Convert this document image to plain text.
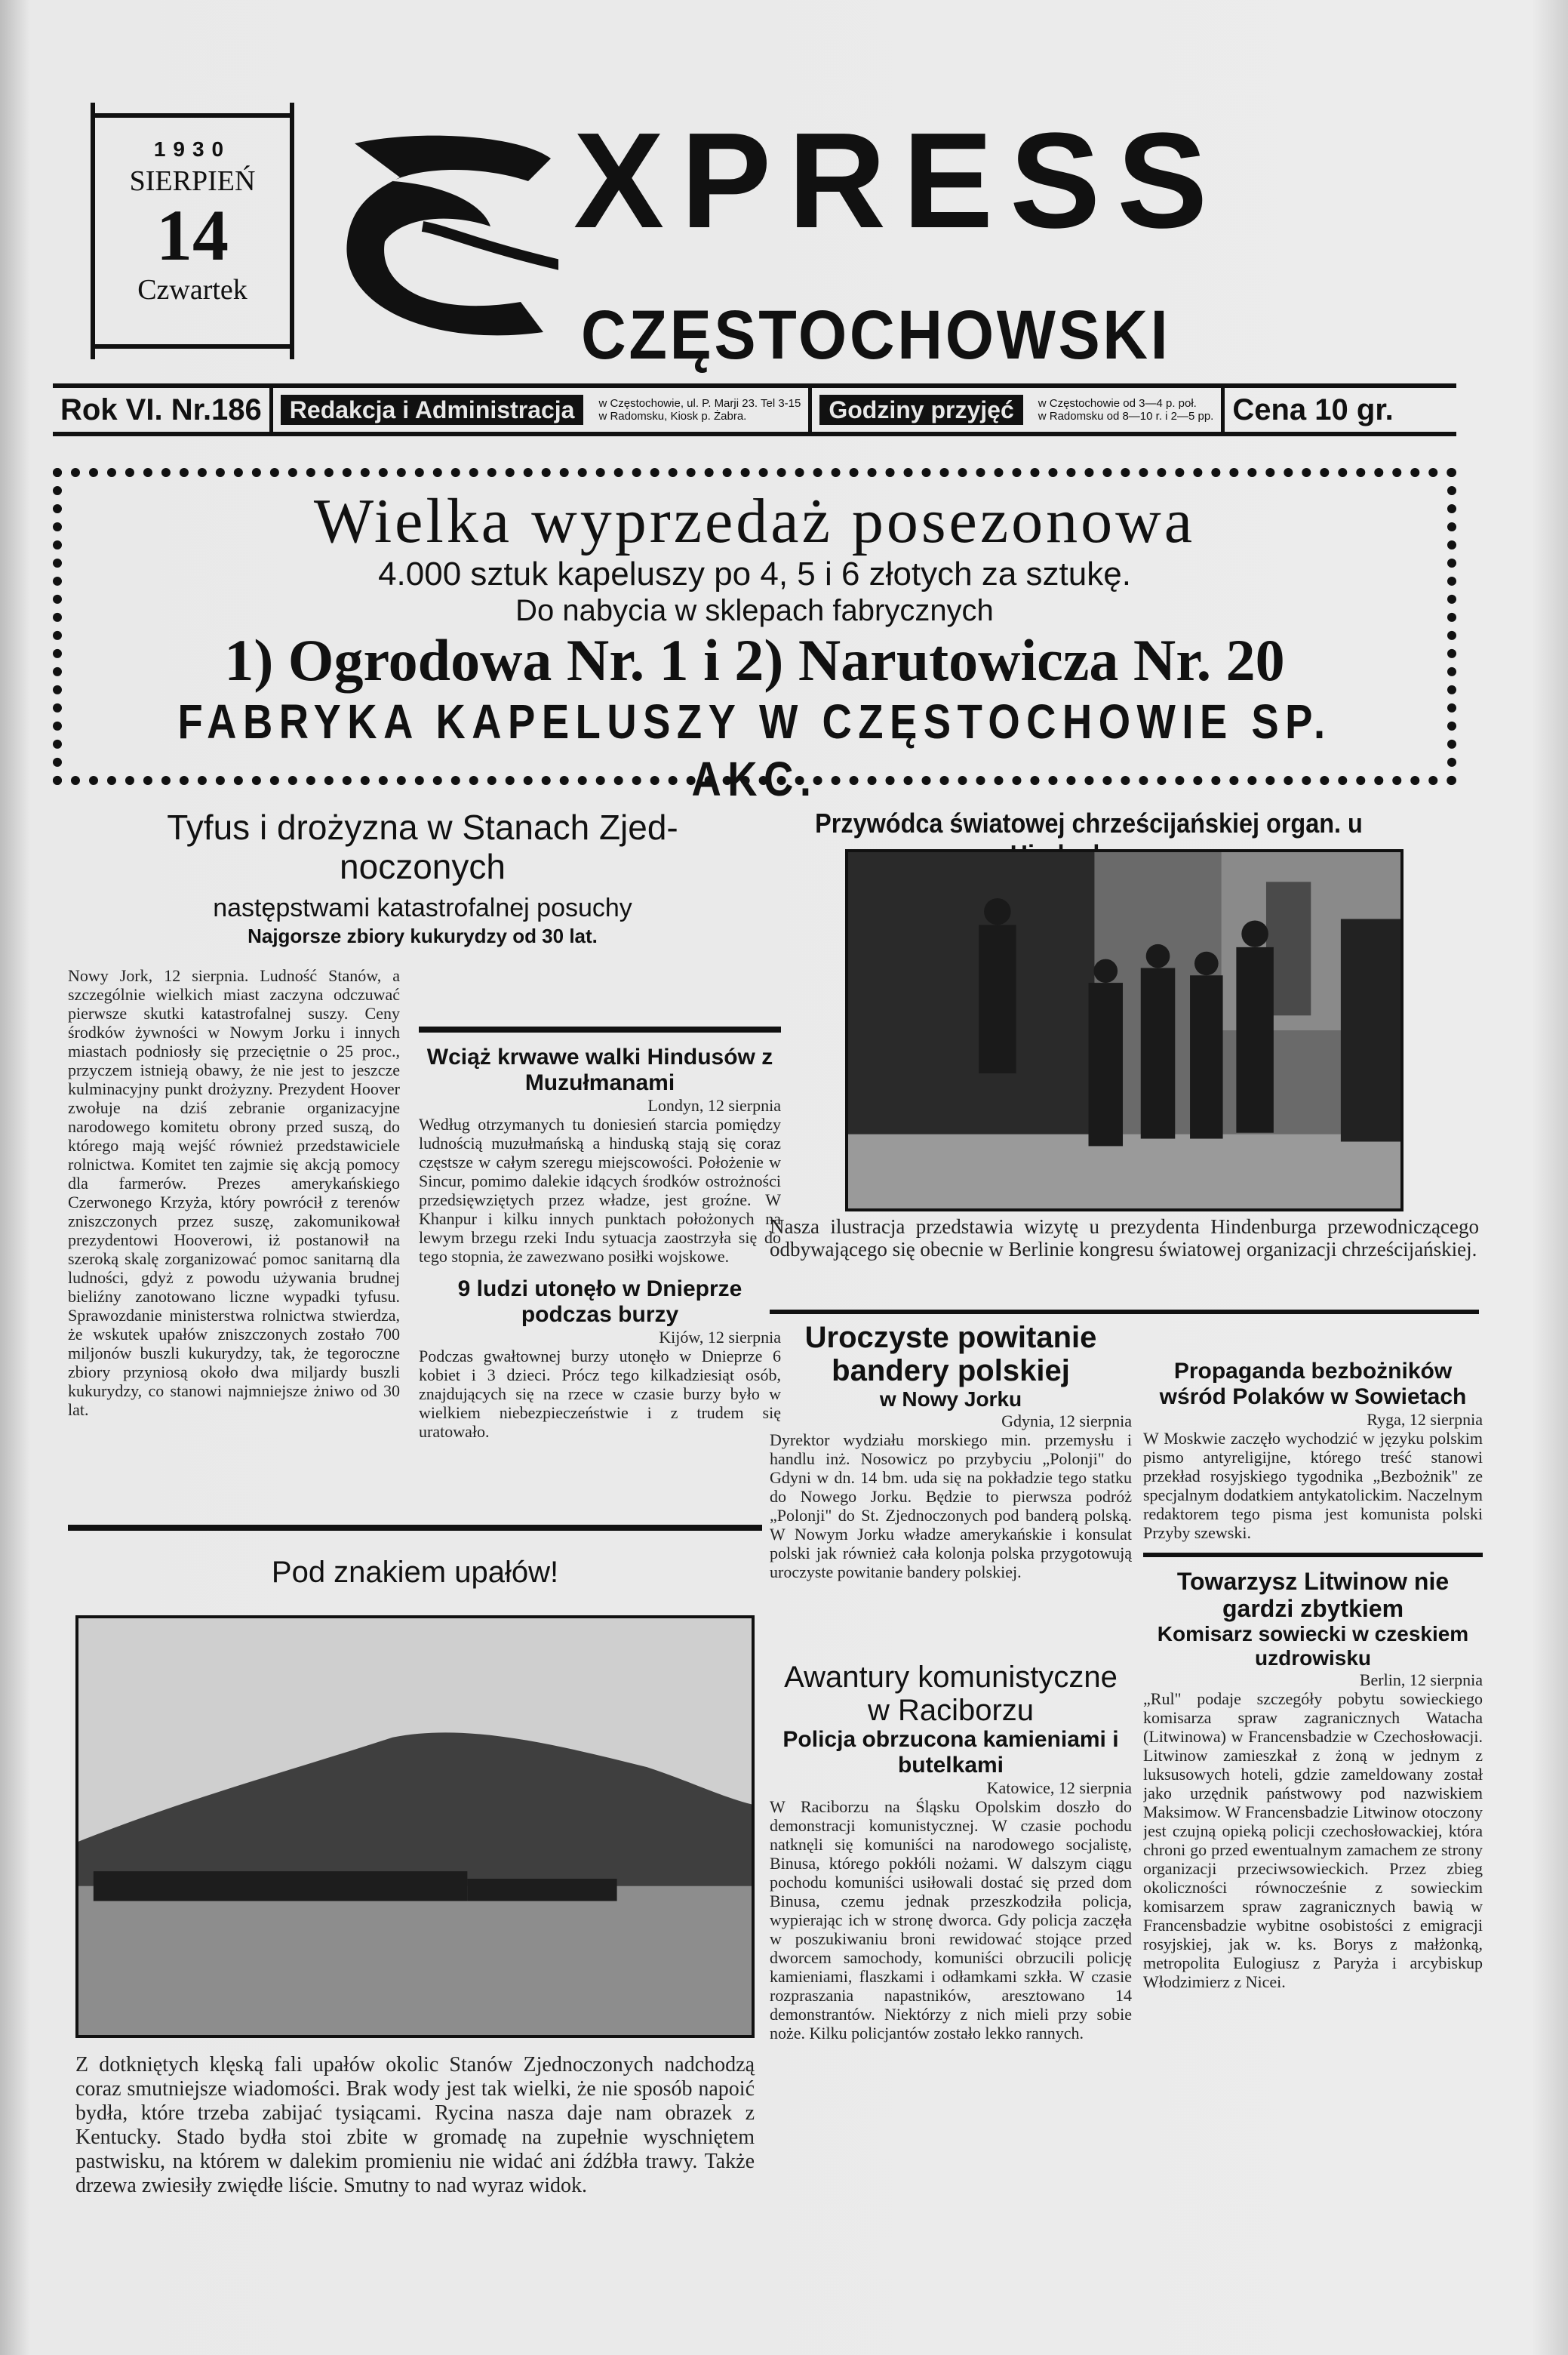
1930
SIERPIEŃ
14
Czwartek
XPRESS
CZĘSTOCHOWSKI
Rok VI. Nr.186	Redakcja i Administracja	w Częstochowie, ul. P. Marji 23. Tel 3-15
w Radomsku, Kiosk p. Żabra.	Godziny przyjęć	w Częstochowie od 3—4 p. poł.
w Radomsku od 8—10 r. i 2—5 pp. Cena 10 gr.
Wielka wyprzedaż posezonowa
4.000 sztuk kapeluszy po 4, 5 i 6 złotych za sztukę.
Do nabycia w sklepach fabrycznych
1) Ogrodowa Nr. 1 i 2) Narutowicza Nr. 20
FABRYKA KAPELUSZY W CZĘSTOCHOWIE SP. AKC.
Tyfus i drożyzna w Stanach Zjed-
noczonych
następstwami katastrofalnej posuchy
Najgorsze zbiory kukurydzy od 30 lat.
Nowy Jork, 12 sierpnia. Ludność Stanów, a szczególnie wielkich miast zaczyna odczuwać pierwsze skutki katastrofalnej suszy. Ceny środków żywności w Nowym Jorku i innych miastach podniosły się przeciętnie o 25 proc., przyczem istnieją obawy, że nie jest to jeszcze kulminacyjny punkt drożyzny. Prezydent Hoover zwołuje na dziś zebranie organizacyjne narodowego komitetu obrony przed suszą, do którego mają wejść również przedstawiciele rolnictwa. Komitet ten zajmie się akcją pomocy dla farmerów. Prezes amerykańskiego Czerwonego Krzyża, który powrócił z terenów zniszczonych przez suszę, zakomunikował prezydentowi Hooverowi, iż postanowił na szeroką skalę zorganizować pomoc sanitarną dla ludności, gdyż z powodu używania brudnej bieliźny zanotowano liczne wypadki tyfusu. Sprawozdanie ministerstwa rolnictwa stwierdza, że wskutek upałów zniszczonych zostało 700 miljonów buszli kukurydzy, tak, że tegoroczne zbiory przyniosą około dwa miljardy buszli kukurydzy, co stanowi najmniejsze żniwo od 30 lat.
Wciąż krwawe walki Hindusów z Muzułmanami
Londyn, 12 sierpnia
Według otrzymanych tu doniesień starcia pomiędzy ludnością muzułmańską a hinduską stają się coraz częstsze w całym szeregu miejscowości. Położenie w Sincur, pomimo dalekie idących środków ostrożności przedsięwziętych przez władze, jest groźne. W Khanpur i kilku innych punktach położonych na lewym brzegu rzeki Indu sytuacja zaostrzyła się do tego stopnia, że zawezwano posiłki wojskowe.
9 ludzi utonęło w Dnieprze podczas burzy
Kijów, 12 sierpnia
Podczas gwałtownej burzy utonęło w Dnieprze 6 kobiet i 3 dzieci. Prócz tego kilkadziesiąt osób, znajdujących się na rzece w czasie burzy było w wielkiem niebezpieczeństwie i z trudem się uratowało.
Przywódca światowej chrześcijańskiej organ. u
Nasza ilustracja przedstawia wizytę u prezydenta Hindenburga przewodniczącego odbywającego się obecnie w Berlinie kongresu światowej organizacji chrześcijańskiej.
Uroczyste powitanie bandery polskiej
w Nowy Jorku
Gdynia, 12 sierpnia
Dyrektor wydziału morskiego min. przemysłu i handlu inż. Nosowicz po przybyciu „Polonji" do Gdyni w dn. 14 bm. uda się na pokładzie tego statku do Nowego Jorku. Będzie to pierwsza podróż „Polonji" do St. Zjednoczonych pod banderą polską. W Nowym Jorku władze amerykańskie i konsulat polski jak również cała kolonja polska przygotowują uroczyste powitanie bandery polskiej.
Awantury komunistyczne w Raciborzu
Policja obrzucona kamieniami i butelkami
Katowice, 12 sierpnia
W Raciborzu na Śląsku Opolskim doszło do demonstracji komunistycznej. W czasie pochodu natknęli się komuniści na narodowego socjalistę, Binusa, którego pokłóli nożami. W dalszym ciągu pochodu komuniści usiłowali dostać się przed dom Binusa, czemu jednak przeszkodziła policja, wypierając ich w stronę dworca. Gdy policja zaczęła w poszukiwaniu broni rewidować stojące przed dworcem samochody, komuniści obrzucili policję kamieniami, flaszkami i odłamkami szkła. W czasie rozpraszania napastników, aresztowano 14 demonstrantów. Niektórzy z nich mieli przy sobie noże. Kilku policjantów zostało lekko rannych.
Propaganda bezbożników wśród Polaków w Sowietach
Ryga, 12 sierpnia
W Moskwie zaczęło wychodzić w języku polskim pismo antyreligijne, którego treść stanowi przekład rosyjskiego tygodnika „Bezbożnik" ze specjalnym dodatkiem antykatolickim. Naczelnym redaktorem tego pisma jest komunista polski Przyby szewski.
Towarzysz Litwinow nie gardzi zbytkiem
Komisarz sowiecki w czeskiem uzdrowisku
Berlin, 12 sierpnia
„Rul" podaje szczegóły pobytu sowieckiego komisarza spraw zagranicznych Watacha (Litwinowa) w Francensbadzie w Czechosłowacji. Litwinow zamieszkał z żoną w jednym z luksusowych hoteli, gdzie zameldowany został jako urzędnik państwowy pod nazwiskiem Maksimow. W Francensbadzie Litwinow otoczony jest czujną opieką policji czechosłowackiej, która chroni go przed ewentualnym zamachem ze strony organizacji przeciwsowieckich. Przez zbieg okoliczności równocześnie z sowieckim komisarzem spraw zagranicznych bawią w Francensbadzie wybitne osobistości z emigracji rosyjskiej, jak w. ks. Borys z małżonką, metropolita Eulogiusz z Paryża i arcybiskup Włodzimierz z Nicei.
Pod znakiem upałów!
Z dotkniętych klęską fali upałów okolic Stanów Zjednoczonych nadchodzą coraz smutniejsze wiadomości. Brak wody jest tak wielki, że nie sposób napoić bydła, które trzeba zabijać tysiącami. Rycina nasza daje nam obrazek z Kentucky. Stado bydła stoi zbite w gromadę na zupełnie wyschniętem pastwisku, na którem w dalekim promieniu nie widać ani źdźbła trawy. Także drzewa zwiesiły zwiędłe liście. Smutny to nad wyraz widok.
